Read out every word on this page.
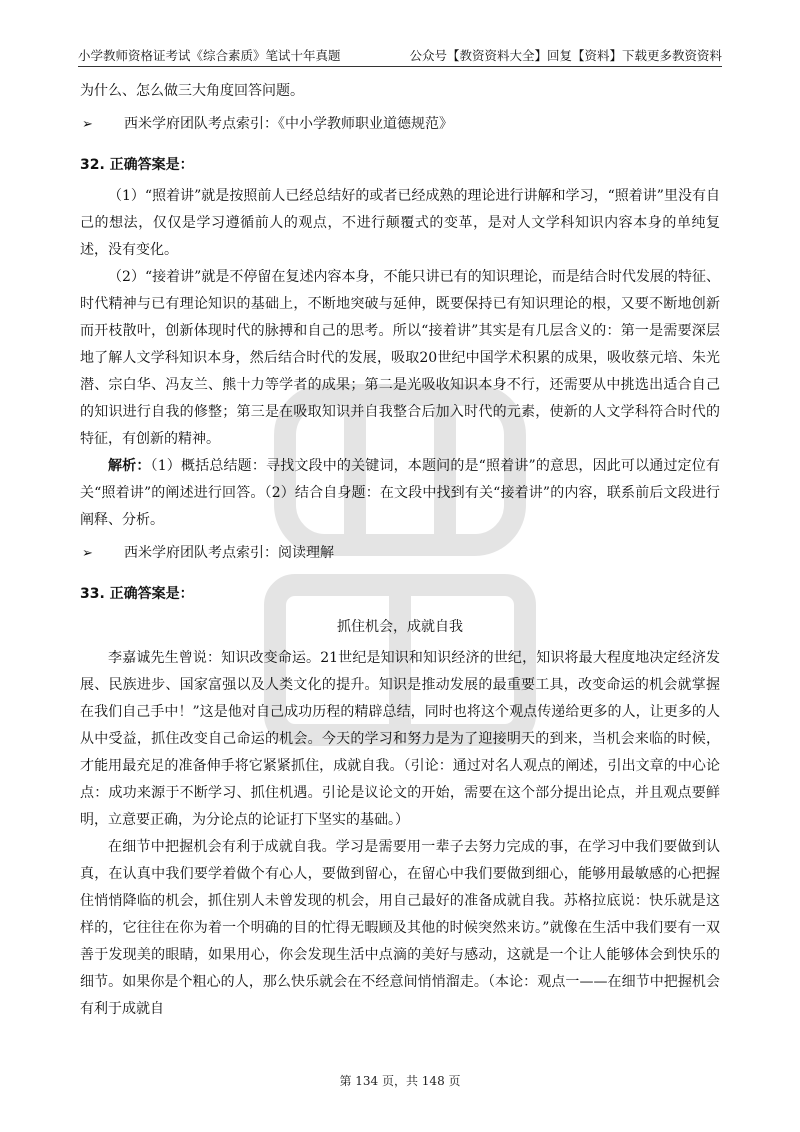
小学教师资格证考试《综合素质》笔试十年真题	公众号【教资资料大全】回复【资料】下载更多教资资料

为什么、怎么做三大角度回答问题。

➢ 西米学府团队考点索引：《中小学教师职业道德规范》

32. 正确答案是：

（1）“照着讲”就是按照前人已经总结好的或者已经成熟的理论进行讲解和学习，“照着讲”里没有自己的想法，仅仅是学习遵循前人的观点，不进行颠覆式的变革，是对人文学科知识内容本身的单纯复述，没有变化。

（2）“接着讲”就是不停留在复述内容本身，不能只讲已有的知识理论，而是结合时代发展的特征、时代精神与已有理论知识的基础上，不断地突破与延伸，既要保持已有知识理论的根，又要不断地创新而开枝散叶，创新体现时代的脉搏和自己的思考。所以“接着讲”其实是有几层含义的：第一是需要深层地了解人文学科知识本身，然后结合时代的发展，吸取20世纪中国学术积累的成果，吸收蔡元培、朱光潜、宗白华、冯友兰、熊十力等学者的成果；第二是光吸收知识本身不行，还需要从中挑选出适合自己的知识进行自我的修整；第三是在吸取知识并自我整合后加入时代的元素，使新的人文学科符合时代的特征，有创新的精神。

解析：（1）概括总结题：寻找文段中的关键词，本题问的是“照着讲”的意思，因此可以通过定位有关“照着讲”的阐述进行回答。（2）结合自身题：在文段中找到有关“接着讲”的内容，联系前后文段进行阐释、分析。

➢ 西米学府团队考点索引：阅读理解

33. 正确答案是：

抓住机会，成就自我

李嘉诚先生曾说：知识改变命运。21世纪是知识和知识经济的世纪，知识将最大程度地决定经济发展、民族进步、国家富强以及人类文化的提升。知识是推动发展的最重要工具，改变命运的机会就掌握在我们自己手中！”这是他对自己成功历程的精辟总结，同时也将这个观点传递给更多的人，让更多的人从中受益，抓住改变自己命运的机会。今天的学习和努力是为了迎接明天的到来，当机会来临的时候，才能用最充足的准备伸手将它紧紧抓住，成就自我。（引论：通过对名人观点的阐述，引出文章的中心论点：成功来源于不断学习、抓住机遇。引论是议论文的开始，需要在这个部分提出论点，并且观点要鲜明，立意要正确，为分论点的论证打下坚实的基础。）

在细节中把握机会有利于成就自我。学习是需要用一辈子去努力完成的事，在学习中我们要做到认真，在认真中我们要学着做个有心人，要做到留心，在留心中我们要做到细心，能够用最敏感的心把握住悄悄降临的机会，抓住别人未曾发现的机会，用自己最好的准备成就自我。苏格拉底说：快乐就是这样的，它往往在你为着一个明确的目的忙得无暇顾及其他的时候突然来访。”就像在生活中我们要有一双善于发现美的眼睛，如果用心，你会发现生活中点滴的美好与感动，这就是一个让人能够体会到快乐的细节。如果你是个粗心的人，那么快乐就会在不经意间悄悄溜走。（本论：观点一——在细节中把握机会有利于成就自

第 134 页，共 148 页
